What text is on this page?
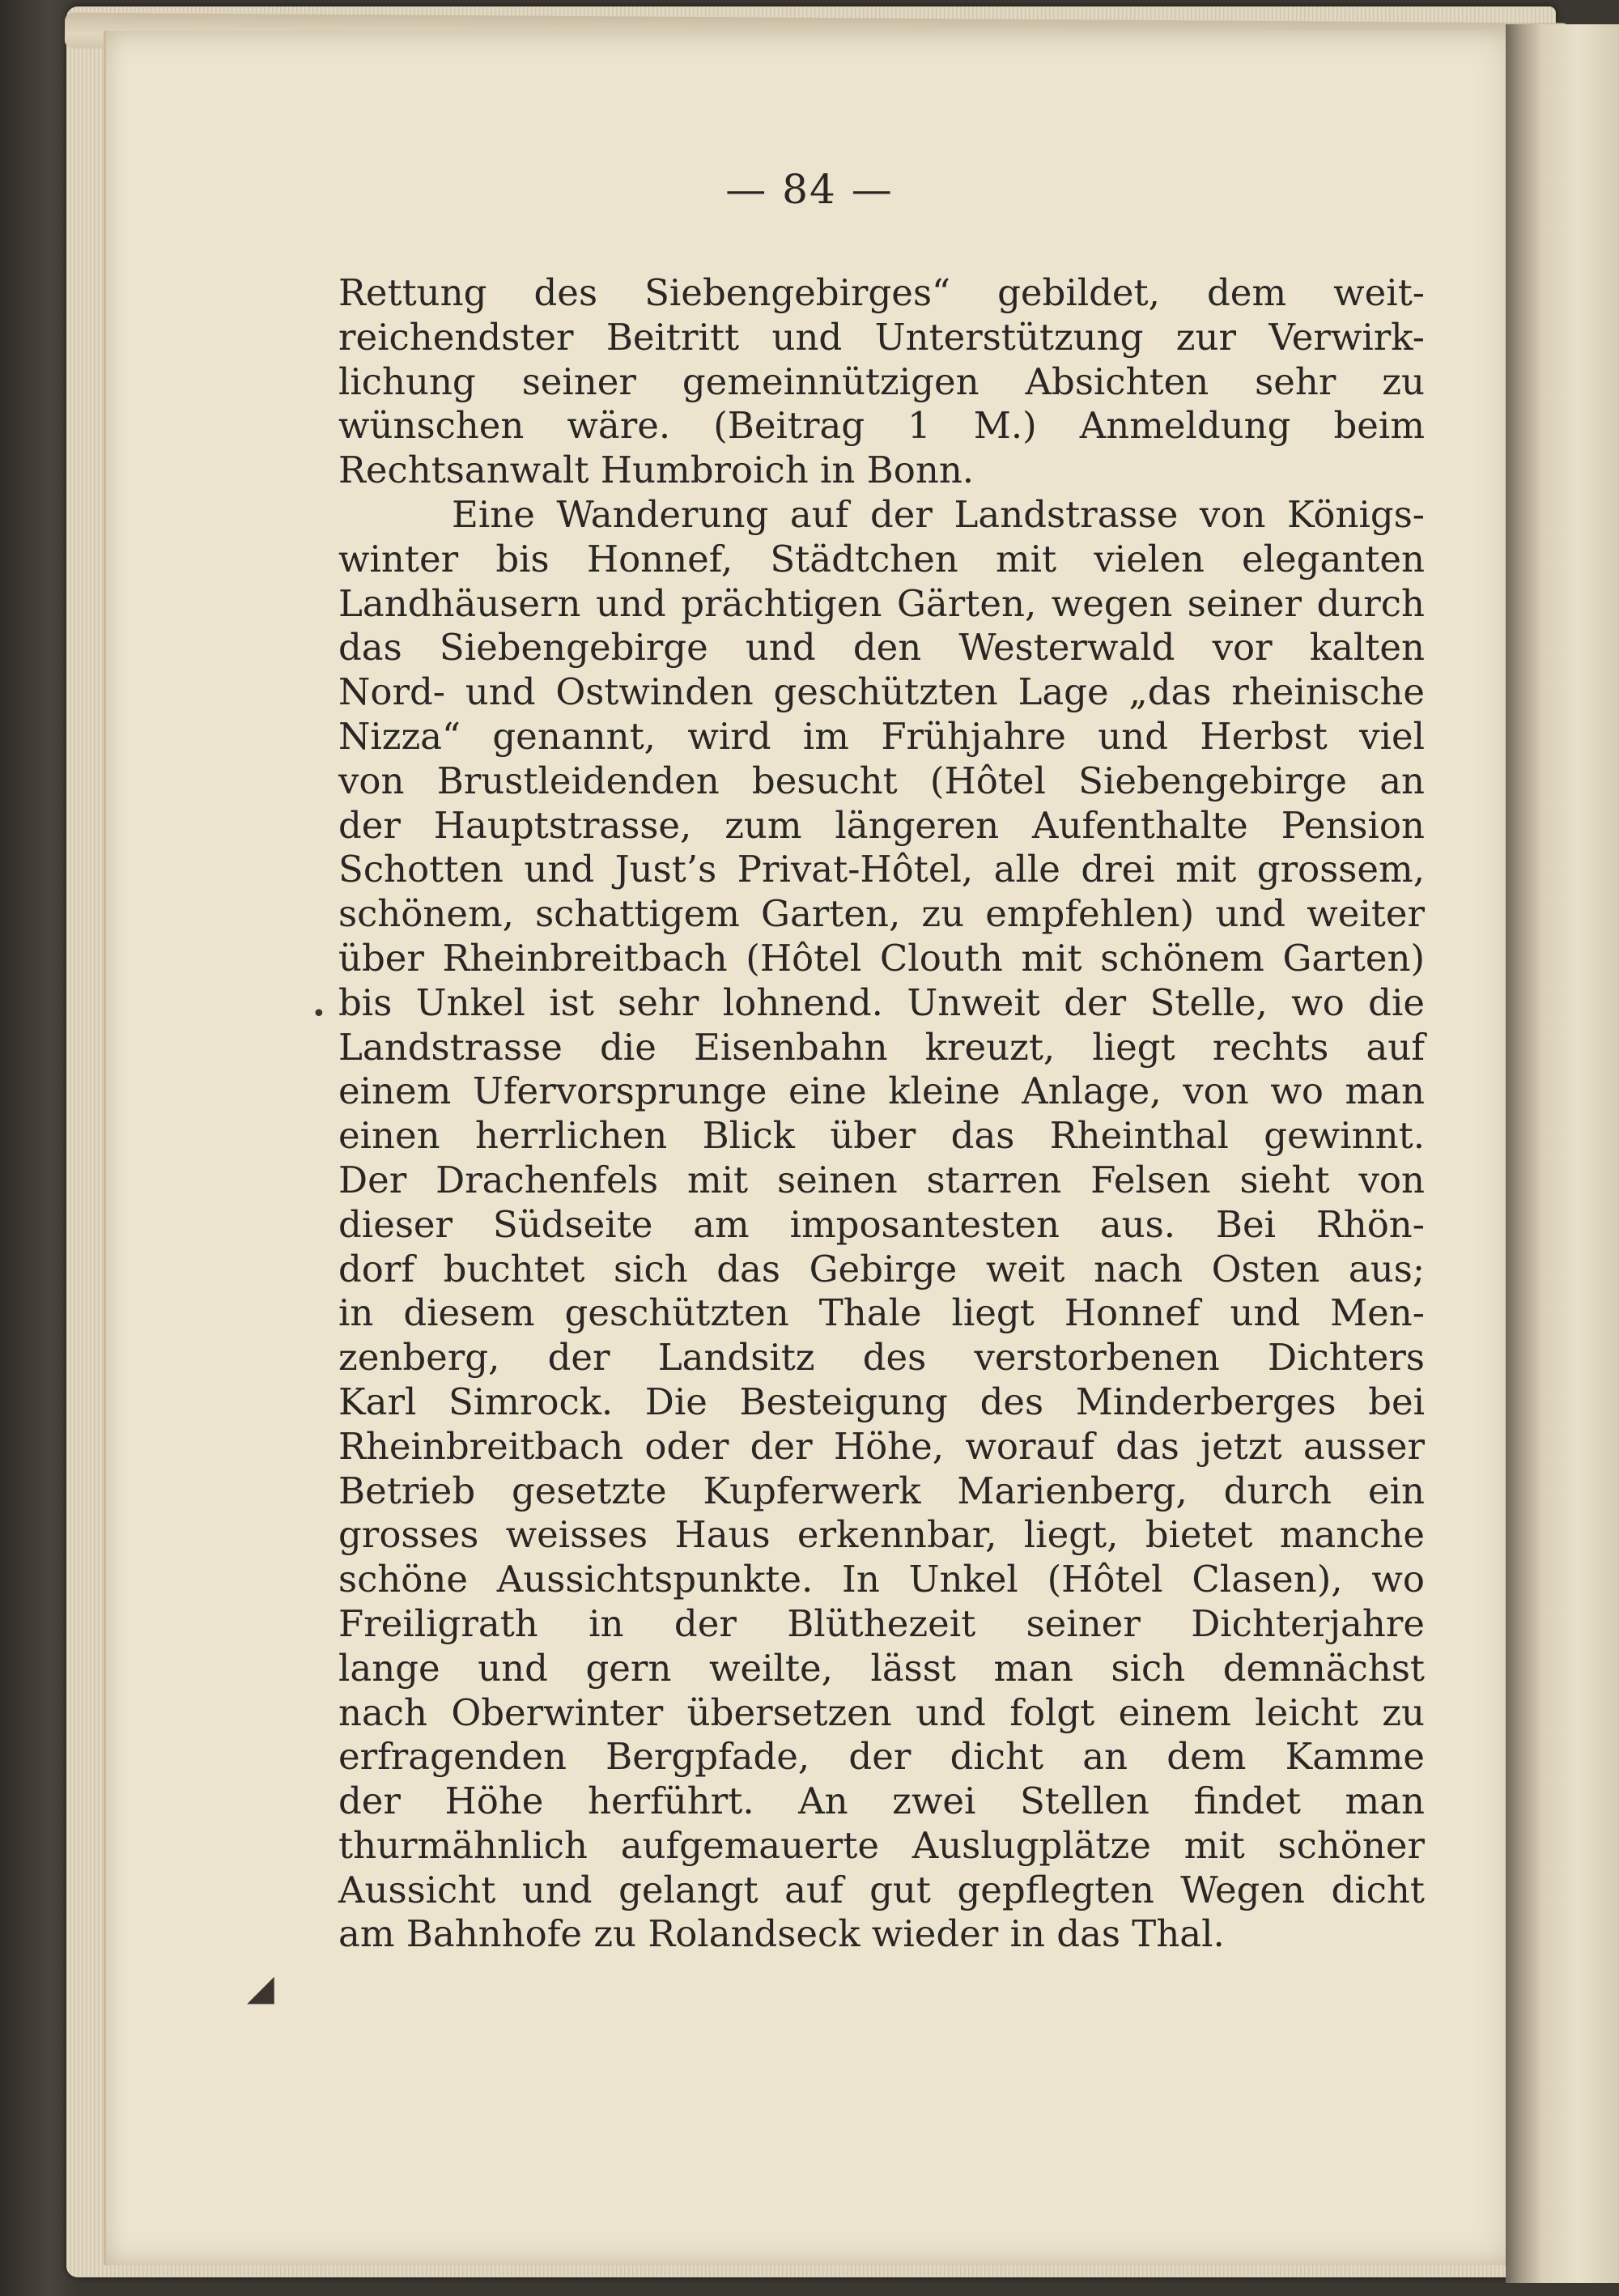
— 84 —
Rettung des Siebengebirges“ gebildet, dem weit-
reichendster Beitritt und Unterstützung zur Verwirk-
lichung seiner gemeinnützigen Absichten sehr zu
wünschen wäre. (Beitrag 1 M.) Anmeldung beim
Rechtsanwalt Humbroich in Bonn.
Eine Wanderung auf der Landstrasse von Königs-
winter bis Honnef, Städtchen mit vielen eleganten
Landhäusern und prächtigen Gärten, wegen seiner durch
das Siebengebirge und den Westerwald vor kalten
Nord- und Ostwinden geschützten Lage „das rheinische
Nizza“ genannt, wird im Frühjahre und Herbst viel
von Brustleidenden besucht (Hôtel Siebengebirge an
der Hauptstrasse, zum längeren Aufenthalte Pension
Schotten und Just’s Privat-Hôtel, alle drei mit grossem,
schönem, schattigem Garten, zu empfehlen) und weiter
über Rheinbreitbach (Hôtel Clouth mit schönem Garten)
bis Unkel ist sehr lohnend. Unweit der Stelle, wo die
Landstrasse die Eisenbahn kreuzt, liegt rechts auf
einem Ufervorsprunge eine kleine Anlage, von wo man
einen herrlichen Blick über das Rheinthal gewinnt.
Der Drachenfels mit seinen starren Felsen sieht von
dieser Südseite am imposantesten aus. Bei Rhön-
dorf buchtet sich das Gebirge weit nach Osten aus;
in diesem geschützten Thale liegt Honnef und Men-
zenberg, der Landsitz des verstorbenen Dichters
Karl Simrock. Die Besteigung des Minderberges bei
Rheinbreitbach oder der Höhe, worauf das jetzt ausser
Betrieb gesetzte Kupferwerk Marienberg, durch ein
grosses weisses Haus erkennbar, liegt, bietet manche
schöne Aussichtspunkte. In Unkel (Hôtel Clasen), wo
Freiligrath in der Blüthezeit seiner Dichterjahre
lange und gern weilte, lässt man sich demnächst
nach Oberwinter übersetzen und folgt einem leicht zu
erfragenden Bergpfade, der dicht an dem Kamme
der Höhe herführt. An zwei Stellen findet man
thurmähnlich aufgemauerte Auslugplätze mit schöner
Aussicht und gelangt auf gut gepflegten Wegen dicht
am Bahnhofe zu Rolandseck wieder in das Thal.
•
◢
